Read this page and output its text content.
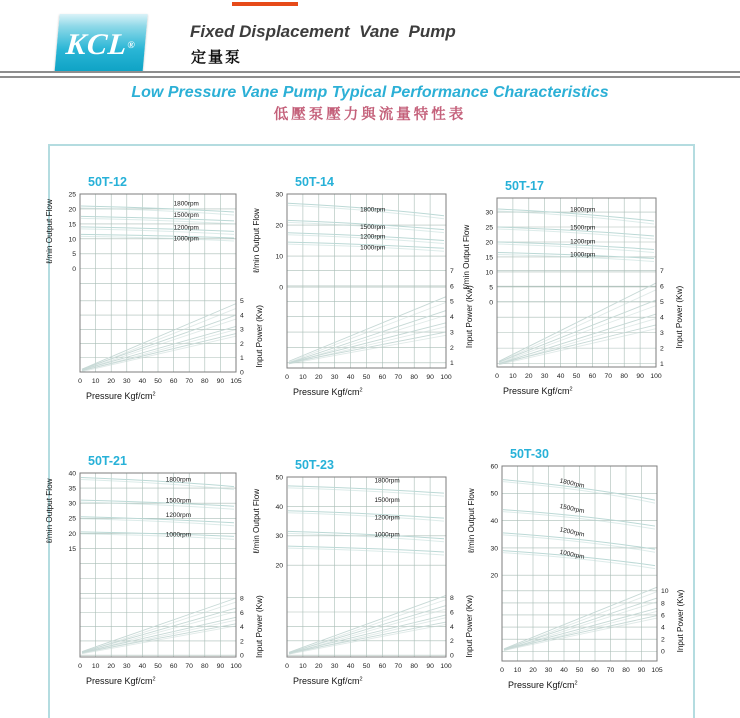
KCL®
Fixed Displacement  Vane  Pump
定量泵
Low Pressure Vane Pump Typical Performance Characteristics
低壓泵壓力與流量特性表
50T-12
25
20
15
10
5
0
5
4
3
2
1
0
0 10 20 30 40 50 60 70 80 90 105
ℓ/min Output Flow
Input Power (Kw)
Pressure Kgf/$cm^2$
1800rpm
1500rpm
1200rpm
1000rpm
50T-14
30
20
10
0
7
6
5
4
3
2
1
0 10 20 30 40 50 60 70 80 90 100
ℓ/min Output Flow
Input Power (Kw)
Pressure Kgf/$cm^2$
1800rpm
1500rpm
1200rpm
1000rpm
50T-17
30
25
20
15
10
5
0
7
6
5
4
3
2
1
0 10 20 30 40 50 60 70 80 90 100
ℓ/min Output Flow
Input Power (Kw)
Pressure Kgf/$cm^2$
1800rpm
1500rpm
1200rpm
1000rpm
50T-21
40
35
30
25
20
15
8
6
4
2
0
0 10 20 30 40 50 60 70 80 90 100
ℓ/min Output Flow
Input Power (Kw)
Pressure Kgf/$cm^2$
1800rpm
1500rpm
1200rpm
1000rpm
50T-23
50
40
30
20
8
6
4
2
0
0 10 20 30 40 50 60 70 80 90 100
ℓ/min Output Flow
Input Power (Kw)
Pressure Kgf/$cm^2$
1800rpm
1500rpm
1200rpm
1000rpm
50T-30
60
50
40
30
20
10
8
6
4
2
0
0 10 20 30 40 50 60 70 80 90 105
ℓ/min Output Flow
Input Power (Kw)
Pressure Kgf/$cm^2$
1800rpm
1500rpm
1200rpm
1000rpm
